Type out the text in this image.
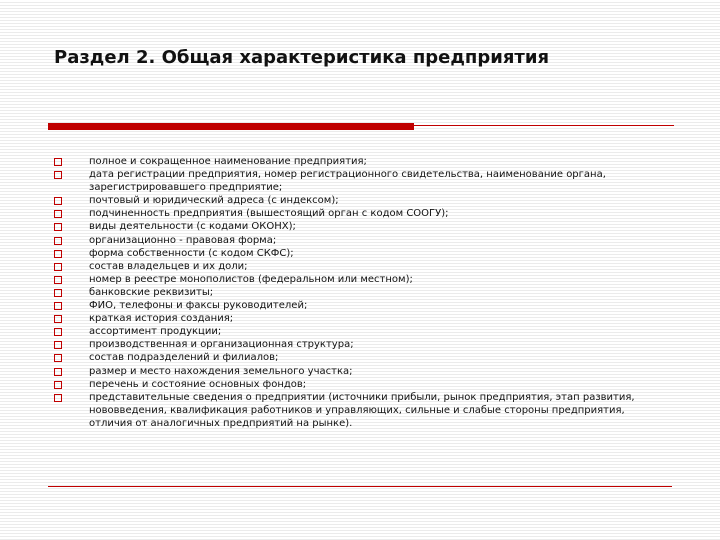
Раздел 2. Общая характеристика предприятия
полное и сокращенное наименование предприятия;
дата регистрации предприятия, номер регистрационного свидетельства, наименование органа, зарегистрировавшего предприятие;
почтовый и юридический адреса (с индексом);
подчиненность предприятия (вышестоящий орган с кодом СООГУ);
виды деятельности (с кодами ОКОНХ);
организационно - правовая форма;
форма собственности (с кодом СКФС);
состав владельцев и их доли;
номер в реестре монополистов (федеральном или местном);
банковские реквизиты;
ФИО, телефоны и факсы руководителей;
краткая история создания;
ассортимент продукции;
производственная и организационная структура;
состав подразделений и филиалов;
размер и место нахождения земельного участка;
перечень и состояние основных фондов;
представительные сведения о предприятии (источники прибыли, рынок предприятия, этап развития, нововведения, квалификация работников и управляющих, сильные и слабые стороны предприятия, отличия от аналогичных предприятий на рынке).
